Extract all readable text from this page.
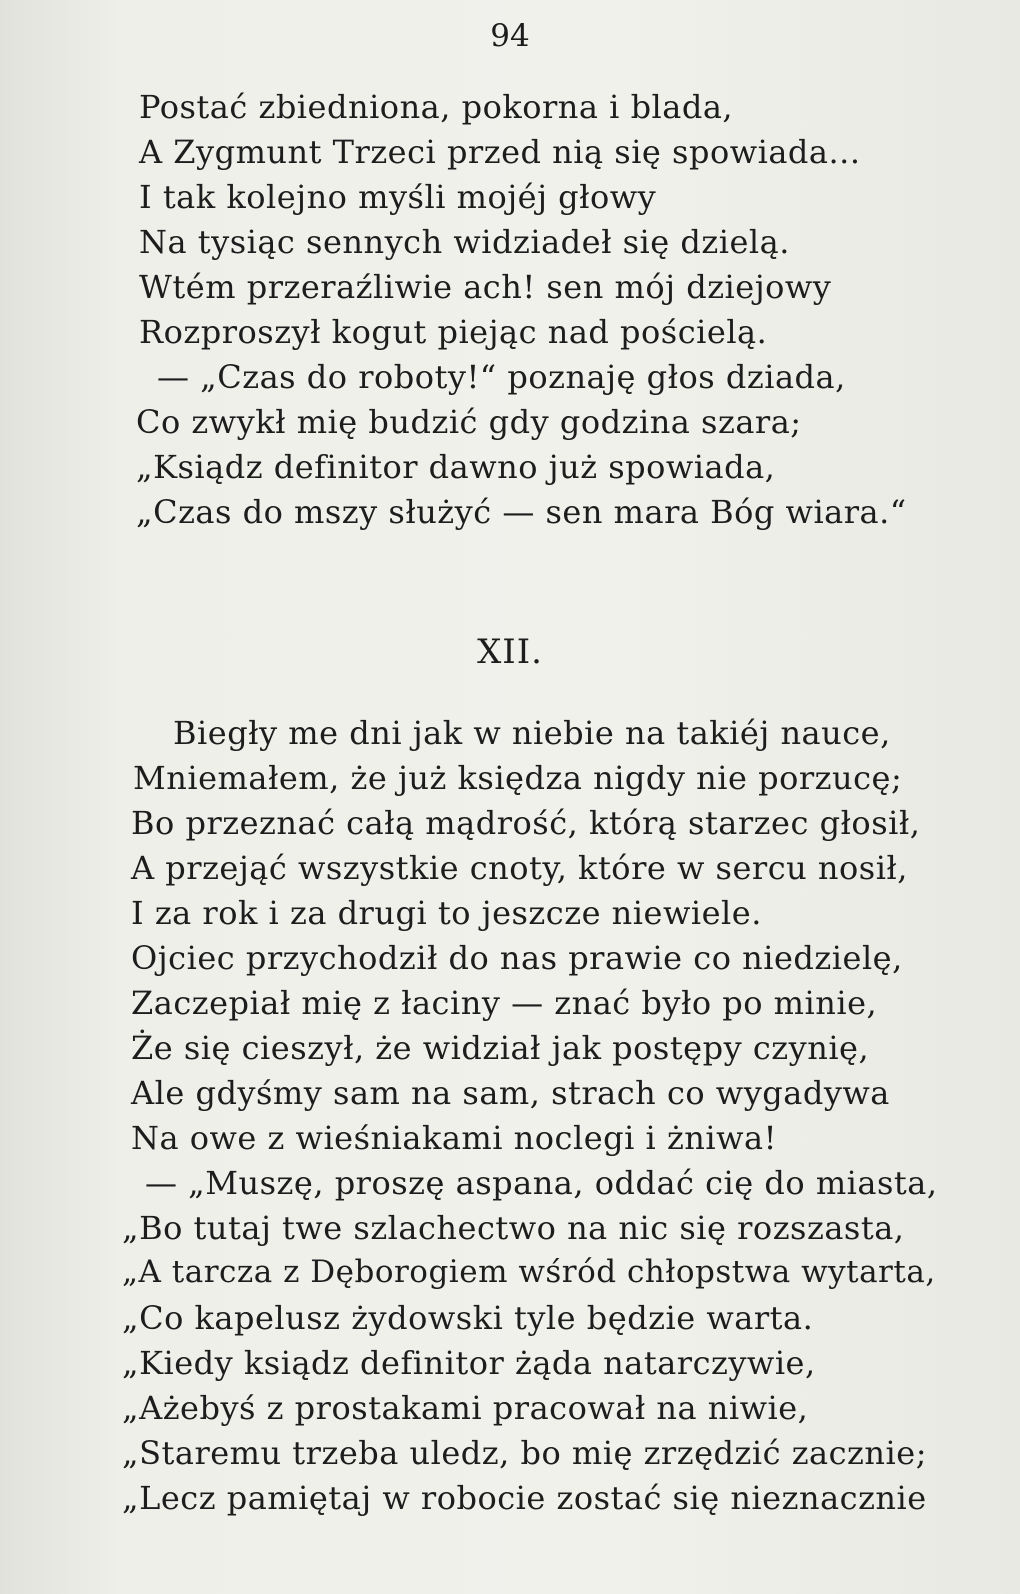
94
Postać zbiedniona, pokorna i blada,
A Zygmunt Trzeci przed nią się spowiada...
I tak kolejno myśli mojéj głowy
Na tysiąc sennych widziadeł się dzielą.
Wtém przeraźliwie ach! sen mój dziejowy
Rozproszył kogut piejąc nad pościelą.
— „Czas do roboty!“ poznaję głos dziada,
Co zwykł mię budzić gdy godzina szara;
„Ksiądz definitor dawno już spowiada,
„Czas do mszy służyć — sen mara Bóg wiara.“
XII.
Biegły me dni jak w niebie na takiéj nauce,
Mniemałem, że już księdza nigdy nie porzucę;
Bo przeznać całą mądrość, którą starzec głosił,
A przejąć wszystkie cnoty, które w sercu nosił,
I za rok i za drugi to jeszcze niewiele.
Ojciec przychodził do nas prawie co niedzielę,
Zaczepiał mię z łaciny — znać było po minie,
Że się cieszył, że widział jak postępy czynię,
Ale gdyśmy sam na sam, strach co wygadywa
Na owe z wieśniakami noclegi i żniwa!
— „Muszę, proszę aspana, oddać cię do miasta,
„Bo tutaj twe szlachectwo na nic się rozszasta,
„A tarcza z Dęborogiem wśród chłopstwa wytarta,
„Co kapelusz żydowski tyle będzie warta.
„Kiedy ksiądz definitor żąda natarczywie,
„Ażebyś z prostakami pracował na niwie,
„Staremu trzeba uledz, bo mię zrzędzić zacznie;
„Lecz pamiętaj w robocie zostać się nieznacznie
